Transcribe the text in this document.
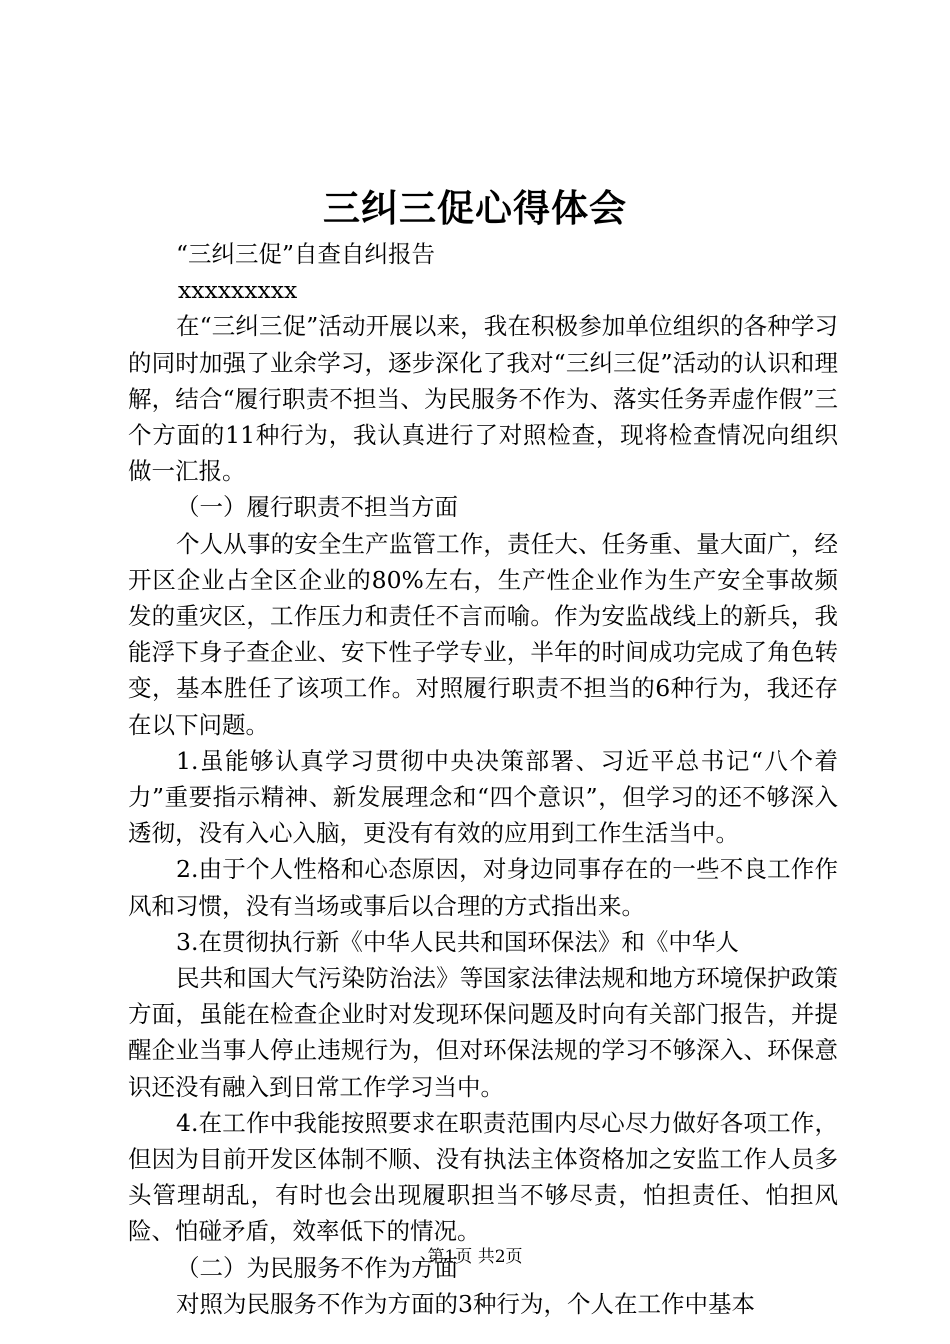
三纠三促心得体会

“三纠三促”自查自纠报告

xxxxxxxxx

在“三纠三促”活动开展以来，我在积极参加单位组织的各种学习的同时加强了业余学习，逐步深化了我对“三纠三促”活动的认识和理解，结合“履行职责不担当、为民服务不作为、落实任务弄虚作假”三个方面的11种行为，我认真进行了对照检查，现将检查情况向组织做一汇报。

（一）履行职责不担当方面

个人从事的安全生产监管工作，责任大、任务重、量大面广，经开区企业占全区企业的80%左右，生产性企业作为生产安全事故频发的重灾区，工作压力和责任不言而喻。作为安监战线上的新兵，我能浮下身子查企业、安下性子学专业，半年的时间成功完成了角色转变，基本胜任了该项工作。对照履行职责不担当的6种行为，我还存在以下问题。

1.虽能够认真学习贯彻中央决策部署、习近平总书记“八个着力”重要指示精神、新发展理念和“四个意识”，但学习的还不够深入透彻，没有入心入脑，更没有有效的应用到工作生活当中。

2.由于个人性格和心态原因，对身边同事存在的一些不良工作作风和习惯，没有当场或事后以合理的方式指出来。

3.在贯彻执行新《中华人民共和国环保法》和《中华人

民共和国大气污染防治法》等国家法律法规和地方环境保护政策方面，虽能在检查企业时对发现环保问题及时向有关部门报告，并提醒企业当事人停止违规行为，但对环保法规的学习不够深入、环保意识还没有融入到日常工作学习当中。

4.在工作中我能按照要求在职责范围内尽心尽力做好各项工作，但因为目前开发区体制不顺、没有执法主体资格加之安监工作人员多头管理胡乱，有时也会出现履职担当不够尽责，怕担责任、怕担风险、怕碰矛盾，效率低下的情况。

（二）为民服务不作为方面

对照为民服务不作为方面的3种行为，个人在工作中基本

第1页 共2页
